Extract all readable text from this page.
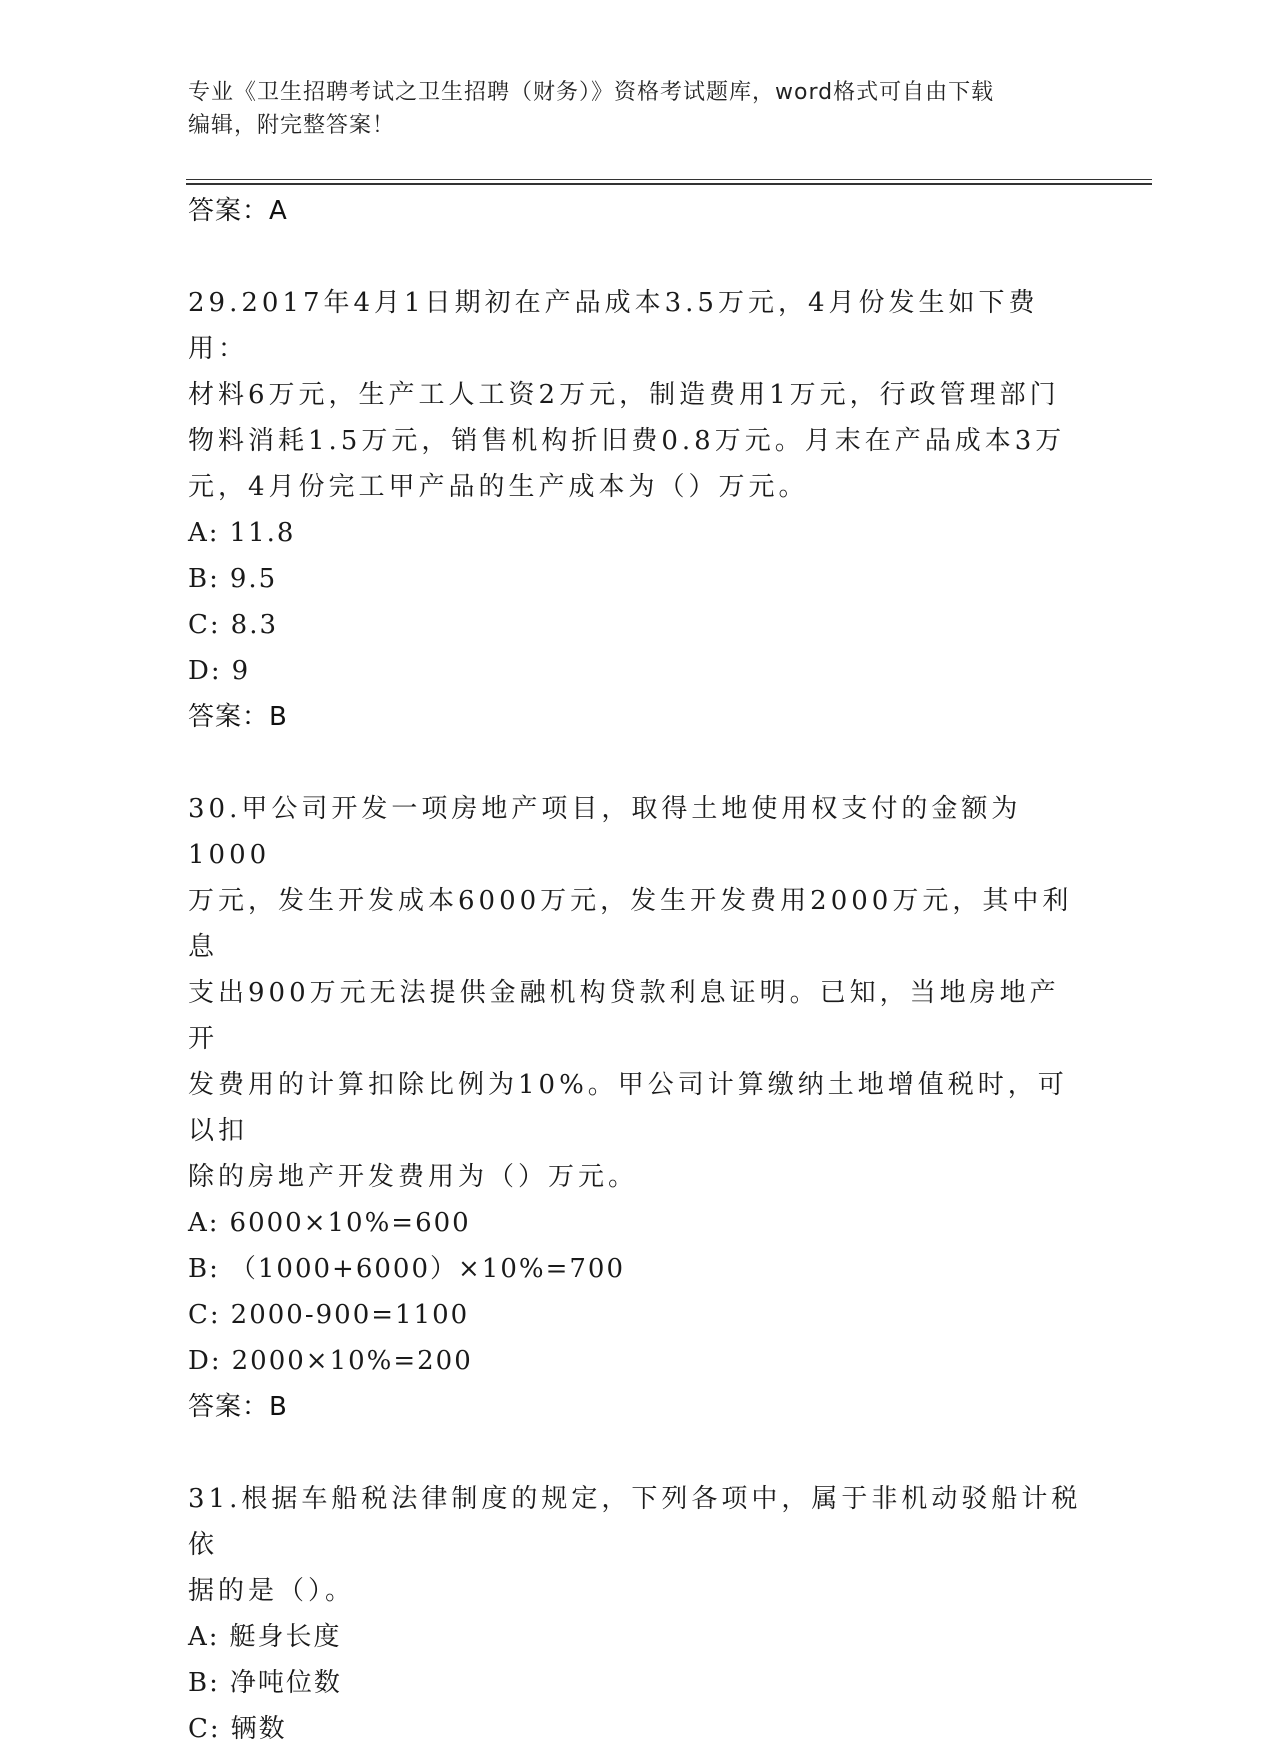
专业《卫生招聘考试之卫生招聘（财务）》资格考试题库，word格式可自由下载
编辑，附完整答案！
答案：A
29.2017年4月1日期初在产品成本3.5万元，4月份发生如下费用：
材料6万元，生产工人工资2万元，制造费用1万元，行政管理部门
物料消耗1.5万元，销售机构折旧费0.8万元。月末在产品成本3万
元，4月份完工甲产品的生产成本为（）万元。
A: 11.8
B: 9.5
C: 8.3
D: 9
答案：B
30.甲公司开发一项房地产项目，取得土地使用权支付的金额为1000
万元，发生开发成本6000万元，发生开发费用2000万元，其中利息
支出900万元无法提供金融机构贷款利息证明。已知，当地房地产开
发费用的计算扣除比例为10%。甲公司计算缴纳土地增值税时，可以扣
除的房地产开发费用为（）万元。
A: 6000×10%=600
B: （1000+6000）×10%=700
C: 2000-900=1100
D: 2000×10%=200
答案：B
31.根据车船税法律制度的规定，下列各项中，属于非机动驳船计税依
据的是（）。
A: 艇身长度
B: 净吨位数
C: 辆数
